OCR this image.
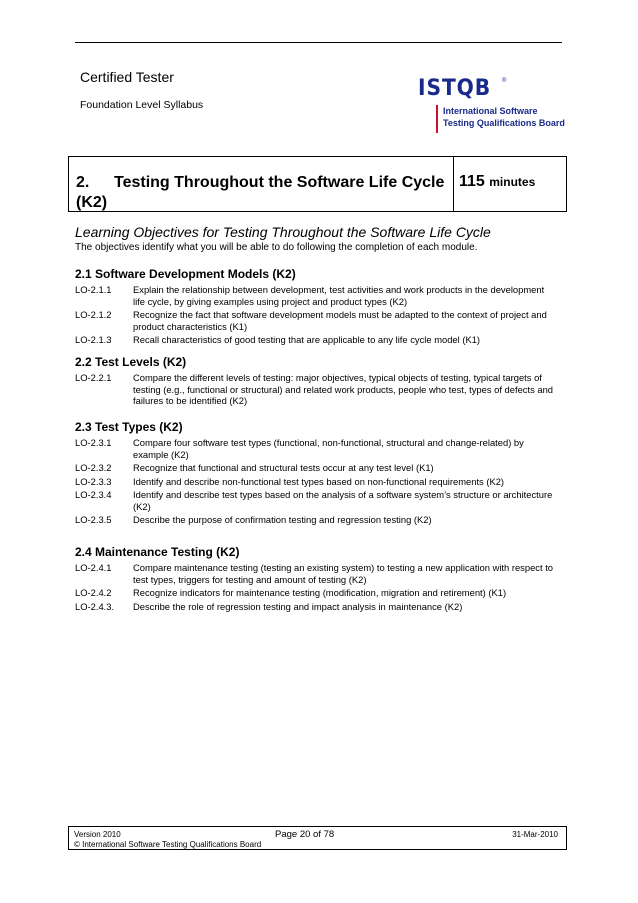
Certified Tester
Foundation Level Syllabus
ISTQB ®
International Software
Testing Qualifications Board
2. Testing Throughout the Software Life Cycle (K2)
115 minutes
Learning Objectives for Testing Throughout the Software Life Cycle
The objectives identify what you will be able to do following the completion of each module.
2.1 Software Development Models (K2)
LO-2.1.1	Explain the relationship between development, test activities and work products in the development life cycle, by giving examples using project and product types (K2)
LO-2.1.2	Recognize the fact that software development models must be adapted to the context of project and product characteristics (K1)
LO-2.1.3	Recall characteristics of good testing that are applicable to any life cycle model (K1)
2.2 Test Levels (K2)
LO-2.2.1	Compare the different levels of testing: major objectives, typical objects of testing, typical targets of testing (e.g., functional or structural) and related work products, people who test, types of defects and failures to be identified (K2)
2.3 Test Types (K2)
LO-2.3.1	Compare four software test types (functional, non-functional, structural and change-related) by example (K2)
LO-2.3.2	Recognize that functional and structural tests occur at any test level (K1)
LO-2.3.3	Identify and describe non-functional test types based on non-functional requirements (K2)
LO-2.3.4	Identify and describe test types based on the analysis of a software system’s structure or architecture (K2)
LO-2.3.5	Describe the purpose of confirmation testing and regression testing (K2)
2.4 Maintenance Testing (K2)
LO-2.4.1	Compare maintenance testing (testing an existing system) to testing a new application with respect to test types, triggers for testing and amount of testing (K2)
LO-2.4.2	Recognize indicators for maintenance testing (modification, migration and retirement) (K1)
LO-2.4.3.	Describe the role of regression testing and impact analysis in maintenance (K2)
Version 2010	Page 20 of 78	31-Mar-2010
© International Software Testing Qualifications Board
